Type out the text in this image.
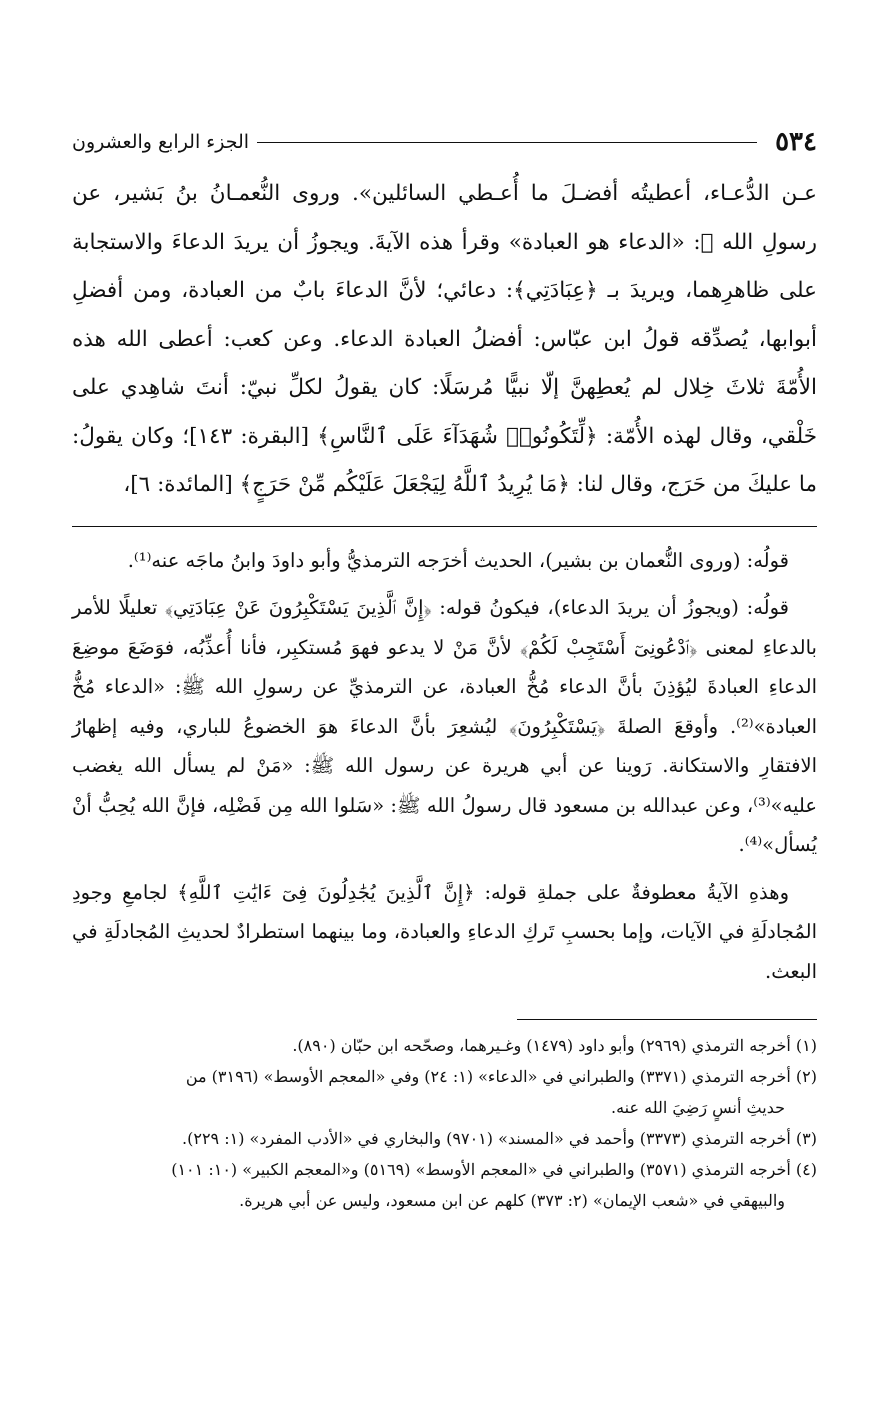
٥٣٤
الجزء الرابع والعشرون

عـن الدُّعـاء، أعطيتُه أفضـلَ ما أُعـطي السائلين». وروى النُّعمـانُ بنُ بَشير، عن رسولِ الله ﷺ: «الدعاء هو العبادة» وقرأ هذه الآيةَ. ويجوزُ أن يريدَ الدعاءَ والاستجابة على ظاهرِهما، ويريدَ بـ ﴿عِبَادَتِي﴾: دعائي؛ لأنَّ الدعاءَ بابٌ من العبادة، ومن أفضلِ أبوابها، يُصدِّقه قولُ ابن عبّاس: أفضلُ العبادة الدعاء. وعن كعب: أعطى الله هذه الأُمّةَ ثلاثَ خِلال لم يُعطِهنَّ إلّا نبيًّا مُرسَلًا: كان يقولُ لكلِّ نبيّ: أنتَ شاهِدي على خَلْقي، وقال لهذه الأُمّة: ﴿لِّتَكُونُوا۟ شُهَدَآءَ عَلَى ٱلنَّاسِ﴾ [البقرة: ١٤٣]؛ وكان يقولُ: ما عليكَ من حَرَج، وقال لنا: ﴿مَا يُرِيدُ ٱللَّهُ لِيَجْعَلَ عَلَيْكُم مِّنْ حَرَجٍ﴾ [المائدة: ٦]،

قولُه: (وروى النُّعمان بن بشير)، الحديث أخرَجه الترمذيُّ وأبو داودَ وابنُ ماجَه عنه⁽¹⁾.

قولُه: (ويجوزُ أن يريدَ الدعاء)، فيكونُ قوله: ﴿إِنَّ ٱلَّذِينَ يَسْتَكْبِرُونَ عَنْ عِبَادَتِي﴾ تعليلًا للأمر بالدعاءِ لمعنى ﴿ٱدْعُونِىٓ أَسْتَجِبْ لَكُمْ﴾ لأنَّ مَنْ لا يدعو فهوَ مُستكبِر، فأنا أُعذِّبُه، فوَضَعَ موضِعَ الدعاءِ العبادةَ ليُؤذِنَ بأنَّ الدعاء مُخُّ العبادة، عن الترمذيِّ عن رسولِ الله ﷺ: «الدعاء مُخُّ العبادة»⁽²⁾. وأوقعَ الصلةَ ﴿يَسْتَكْبِرُونَ﴾ ليُشعِرَ بأنَّ الدعاءَ هوَ الخضوعُ للباري، وفيه إظهارُ الافتقارِ والاستكانة. رَوينا عن أبي هريرة عن رسول الله ﷺ: «مَنْ لم يسأل الله يغضب عليه»⁽³⁾، وعن عبدالله بن مسعود قال رسولُ الله ﷺ: «سَلوا الله مِن فَضْلِه، فإنَّ الله يُحِبُّ أنْ يُسأل»⁽⁴⁾.

وهذهِ الآيةُ معطوفةٌ على جملةِ قوله: ﴿إِنَّ ٱلَّذِينَ يُجَٰدِلُونَ فِىٓ ءَايَٰتِ ٱللَّهِ﴾ لجامعِ وجودِ المُجادلَةِ في الآيات، وإما بحسبِ تَركِ الدعاءِ والعبادة، وما بينهما استطرادٌ لحديثِ المُجادلَةِ في البعث.

(١) أخرجه الترمذي (٢٩٦٩) وأبو داود (١٤٧٩) وغـيرهما، وصحّحه ابن حبّان (٨٩٠).

(٢) أخرجه الترمذي (٣٣٧١) والطبراني في «الدعاء» (١: ٢٤) وفي «المعجم الأوسط» (٣١٩٦) من

حديثِ أنسٍ رَضِيَ الله عنه.

(٣) أخرجه الترمذي (٣٣٧٣) وأحمد في «المسند» (٩٧٠١) والبخاري في «الأدب المفرد» (١: ٢٢٩).

(٤) أخرجه الترمذي (٣٥٧١) والطبراني في «المعجم الأوسط» (٥١٦٩) و«المعجم الكبير» (١٠: ١٠١)

والبيهقي في «شعب الإيمان» (٢: ٣٧٣) كلهم عن ابن مسعود، وليس عن أبي هريرة.
